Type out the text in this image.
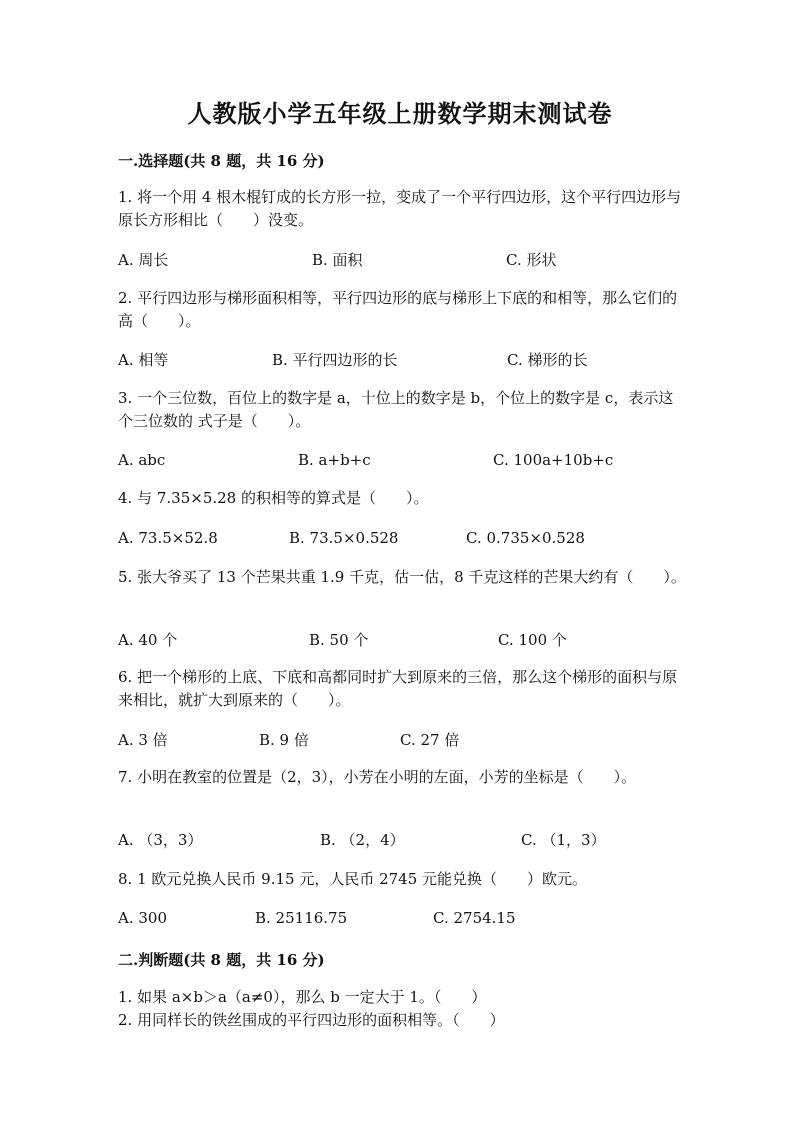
人教版小学五年级上册数学期末测试卷
一.选择题(共 8 题，共 16 分)
1. 将一个用 4 根木棍钉成的长方形一拉，变成了一个平行四边形，这个平行四边形与原长方形相比（　　）没变。
A. 周长	B. 面积	C. 形状
2. 平行四边形与梯形面积相等，平行四边形的底与梯形上下底的和相等，那么它们的高（　　）。
A. 相等	B. 平行四边形的长	C. 梯形的长
3. 一个三位数，百位上的数字是 a，十位上的数字是 b，个位上的数字是 c，表示这个三位数的 式子是（　　）。
A. abc	B. a+b+c	C. 100a+10b+c
4. 与 7.35×5.28 的积相等的算式是（　　）。
A. 73.5×52.8	B. 73.5×0.528	C. 0.735×0.528
5. 张大爷买了 13 个芒果共重 1.9 千克，估一估，8 千克这样的芒果大约有（　　）。
A. 40 个	B. 50 个	C. 100 个
6. 把一个梯形的上底、下底和高都同时扩大到原来的三倍，那么这个梯形的面积与原来相比，就扩大到原来的（　　）。
A. 3 倍	B. 9 倍	C. 27 倍
7. 小明在教室的位置是（2，3），小芳在小明的左面，小芳的坐标是（　　）。
A. （3，3）	B. （2，4）	C. （1，3）
8. 1 欧元兑换人民币 9.15 元，人民币 2745 元能兑换（　　）欧元。
A. 300	B. 25116.75	C. 2754.15
二.判断题(共 8 题，共 16 分)
1. 如果 a×b＞a（a≠0），那么 b 一定大于 1。（　　）
2. 用同样长的铁丝围成的平行四边形的面积相等。（　　）
